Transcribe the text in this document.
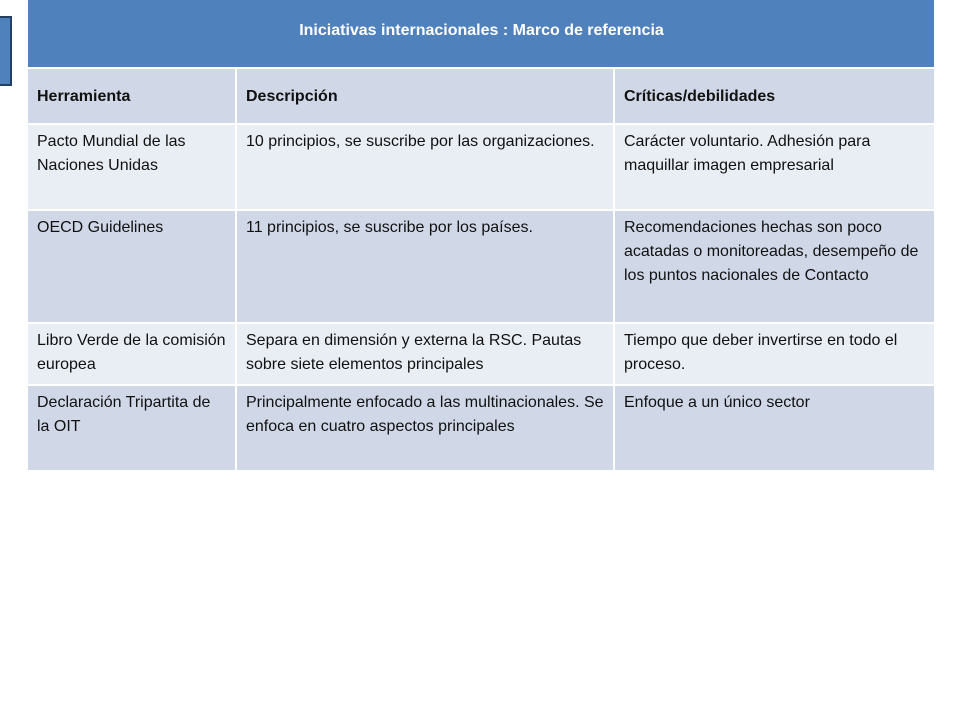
Iniciativas internacionales : Marco de referencia		
Herramienta	Descripción	Críticas/debilidades
Pacto Mundial de las Naciones Unidas	10 principios, se suscribe por las organizaciones.	Carácter voluntario. Adhesión para maquillar imagen empresarial
OECD Guidelines	11 principios, se suscribe por los países.	Recomendaciones hechas son poco acatadas o monitoreadas, desempeño de los puntos nacionales de Contacto
Libro Verde de la comisión europea	Separa en dimensión y externa la RSC. Pautas sobre siete elementos principales	Tiempo que deber invertirse en todo el proceso.
Declaración Tripartita de la OIT	Principalmente enfocado a las multinacionales. Se enfoca en cuatro aspectos principales	Enfoque a un único sector
